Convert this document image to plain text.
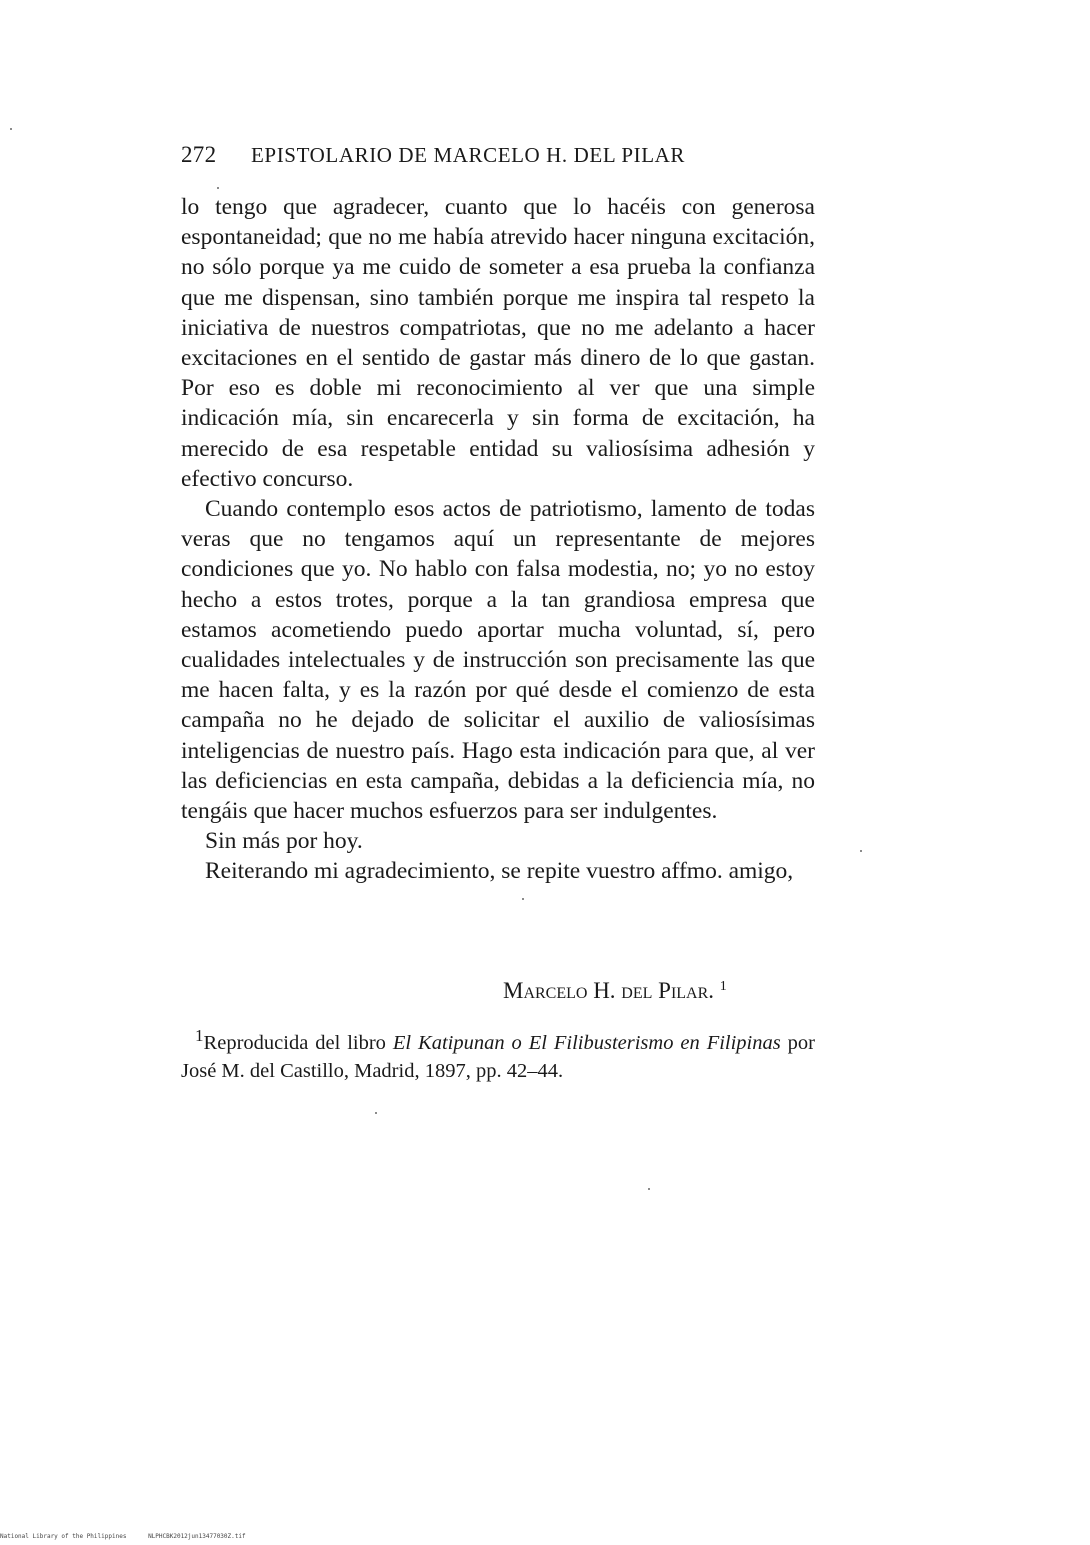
272 EPISTOLARIO DE MARCELO H. DEL PILAR

lo tengo que agradecer, cuanto que lo hacéis con generosa espontaneidad; que no me había atrevido hacer ninguna excitación, no sólo porque ya me cuido de someter a esa prueba la confianza que me dispensan, sino también porque me inspira tal respeto la iniciativa de nuestros compatriotas, que no me adelanto a hacer excitaciones en el sentido de gastar más dinero de lo que gastan. Por eso es doble mi reconocimiento al ver que una simple indicación mía, sin encarecerla y sin forma de excitación, ha merecido de esa respetable entidad su valiosísima adhesión y efectivo concurso.

Cuando contemplo esos actos de patriotismo, lamento de todas veras que no tengamos aquí un representante de mejores condiciones que yo. No hablo con falsa modestia, no; yo no estoy hecho a estos trotes, porque a la tan grandiosa empresa que estamos acometiendo puedo aportar mucha voluntad, sí, pero cualidades intelectuales y de instrucción son precisamente las que me hacen falta, y es la razón por qué desde el comienzo de esta campaña no he dejado de solicitar el auxilio de valiosísimas inteligencias de nuestro país. Hago esta indicación para que, al ver las deficiencias en esta campaña, debidas a la deficiencia mía, no tengáis que hacer muchos esfuerzos para ser indulgentes.

Sin más por hoy.

Reiterando mi agradecimiento, se repite vuestro affmo. amigo,

Marcelo H. del Pilar. $^1$

$^1$Reproducida del libro El Katipunan o El Filibusterismo en Filipinas por José M. del Castillo, Madrid, 1897, pp. 42–44.

National Library of the Philippines	NLPHCBK2012jun13477030Z.tif
